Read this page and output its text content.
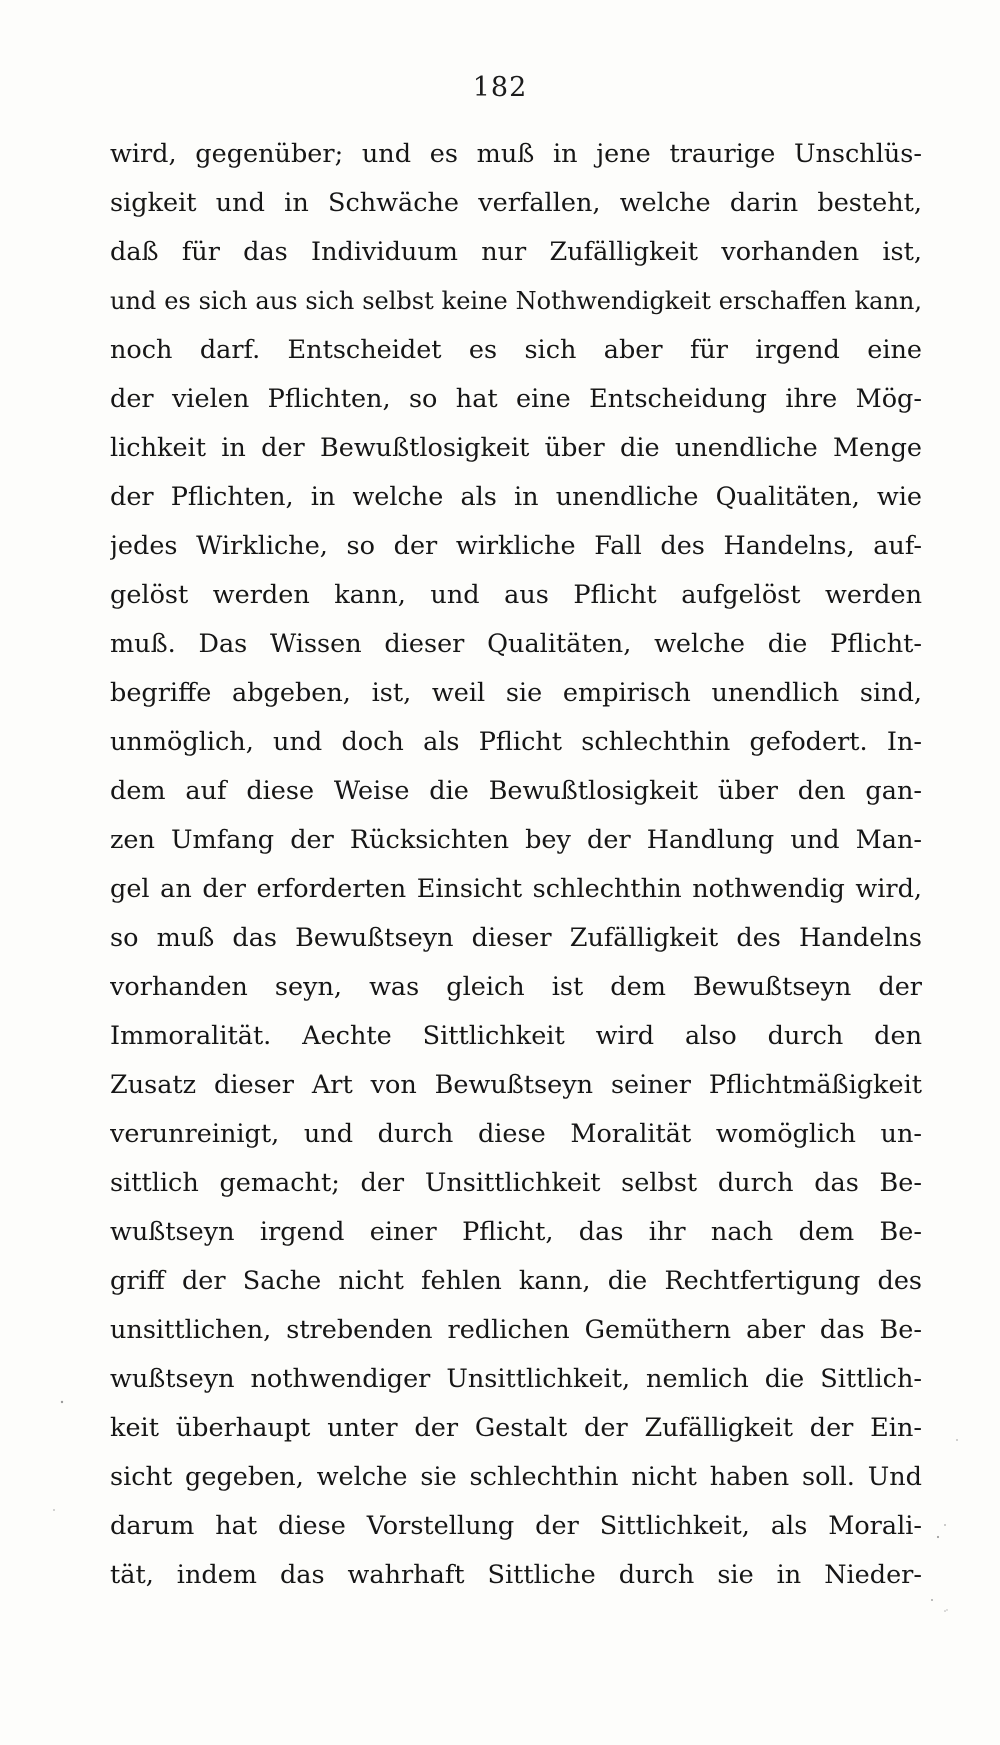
182
wird, gegenüber; und es muß in jene traurige Unschlüs-
sigkeit und in Schwäche verfallen, welche darin besteht,
daß für das Individuum nur Zufälligkeit vorhanden ist,
und es sich aus sich selbst keine Nothwendigkeit erschaffen kann,
noch darf. Entscheidet es sich aber für irgend eine
der vielen Pflichten, so hat eine Entscheidung ihre Mög-
lichkeit in der Bewußtlosigkeit über die unendliche Menge
der Pflichten, in welche als in unendliche Qualitäten, wie
jedes Wirkliche, so der wirkliche Fall des Handelns, auf-
gelöst werden kann, und aus Pflicht aufgelöst werden
muß. Das Wissen dieser Qualitäten, welche die Pflicht-
begriffe abgeben, ist, weil sie empirisch unendlich sind,
unmöglich, und doch als Pflicht schlechthin gefodert. In-
dem auf diese Weise die Bewußtlosigkeit über den gan-
zen Umfang der Rücksichten bey der Handlung und Man-
gel an der erforderten Einsicht schlechthin nothwendig wird,
so muß das Bewußtseyn dieser Zufälligkeit des Handelns
vorhanden seyn, was gleich ist dem Bewußtseyn der
Immoralität. Aechte Sittlichkeit wird also durch den
Zusatz dieser Art von Bewußtseyn seiner Pflichtmäßigkeit
verunreinigt, und durch diese Moralität womöglich un-
sittlich gemacht; der Unsittlichkeit selbst durch das Be-
wußtseyn irgend einer Pflicht, das ihr nach dem Be-
griff der Sache nicht fehlen kann, die Rechtfertigung des
unsittlichen, strebenden redlichen Gemüthern aber das Be-
wußtseyn nothwendiger Unsittlichkeit, nemlich die Sittlich-
keit überhaupt unter der Gestalt der Zufälligkeit der Ein-
sicht gegeben, welche sie schlechthin nicht haben soll. Und
darum hat diese Vorstellung der Sittlichkeit, als Morali-
tät, indem das wahrhaft Sittliche durch sie in Nieder-
